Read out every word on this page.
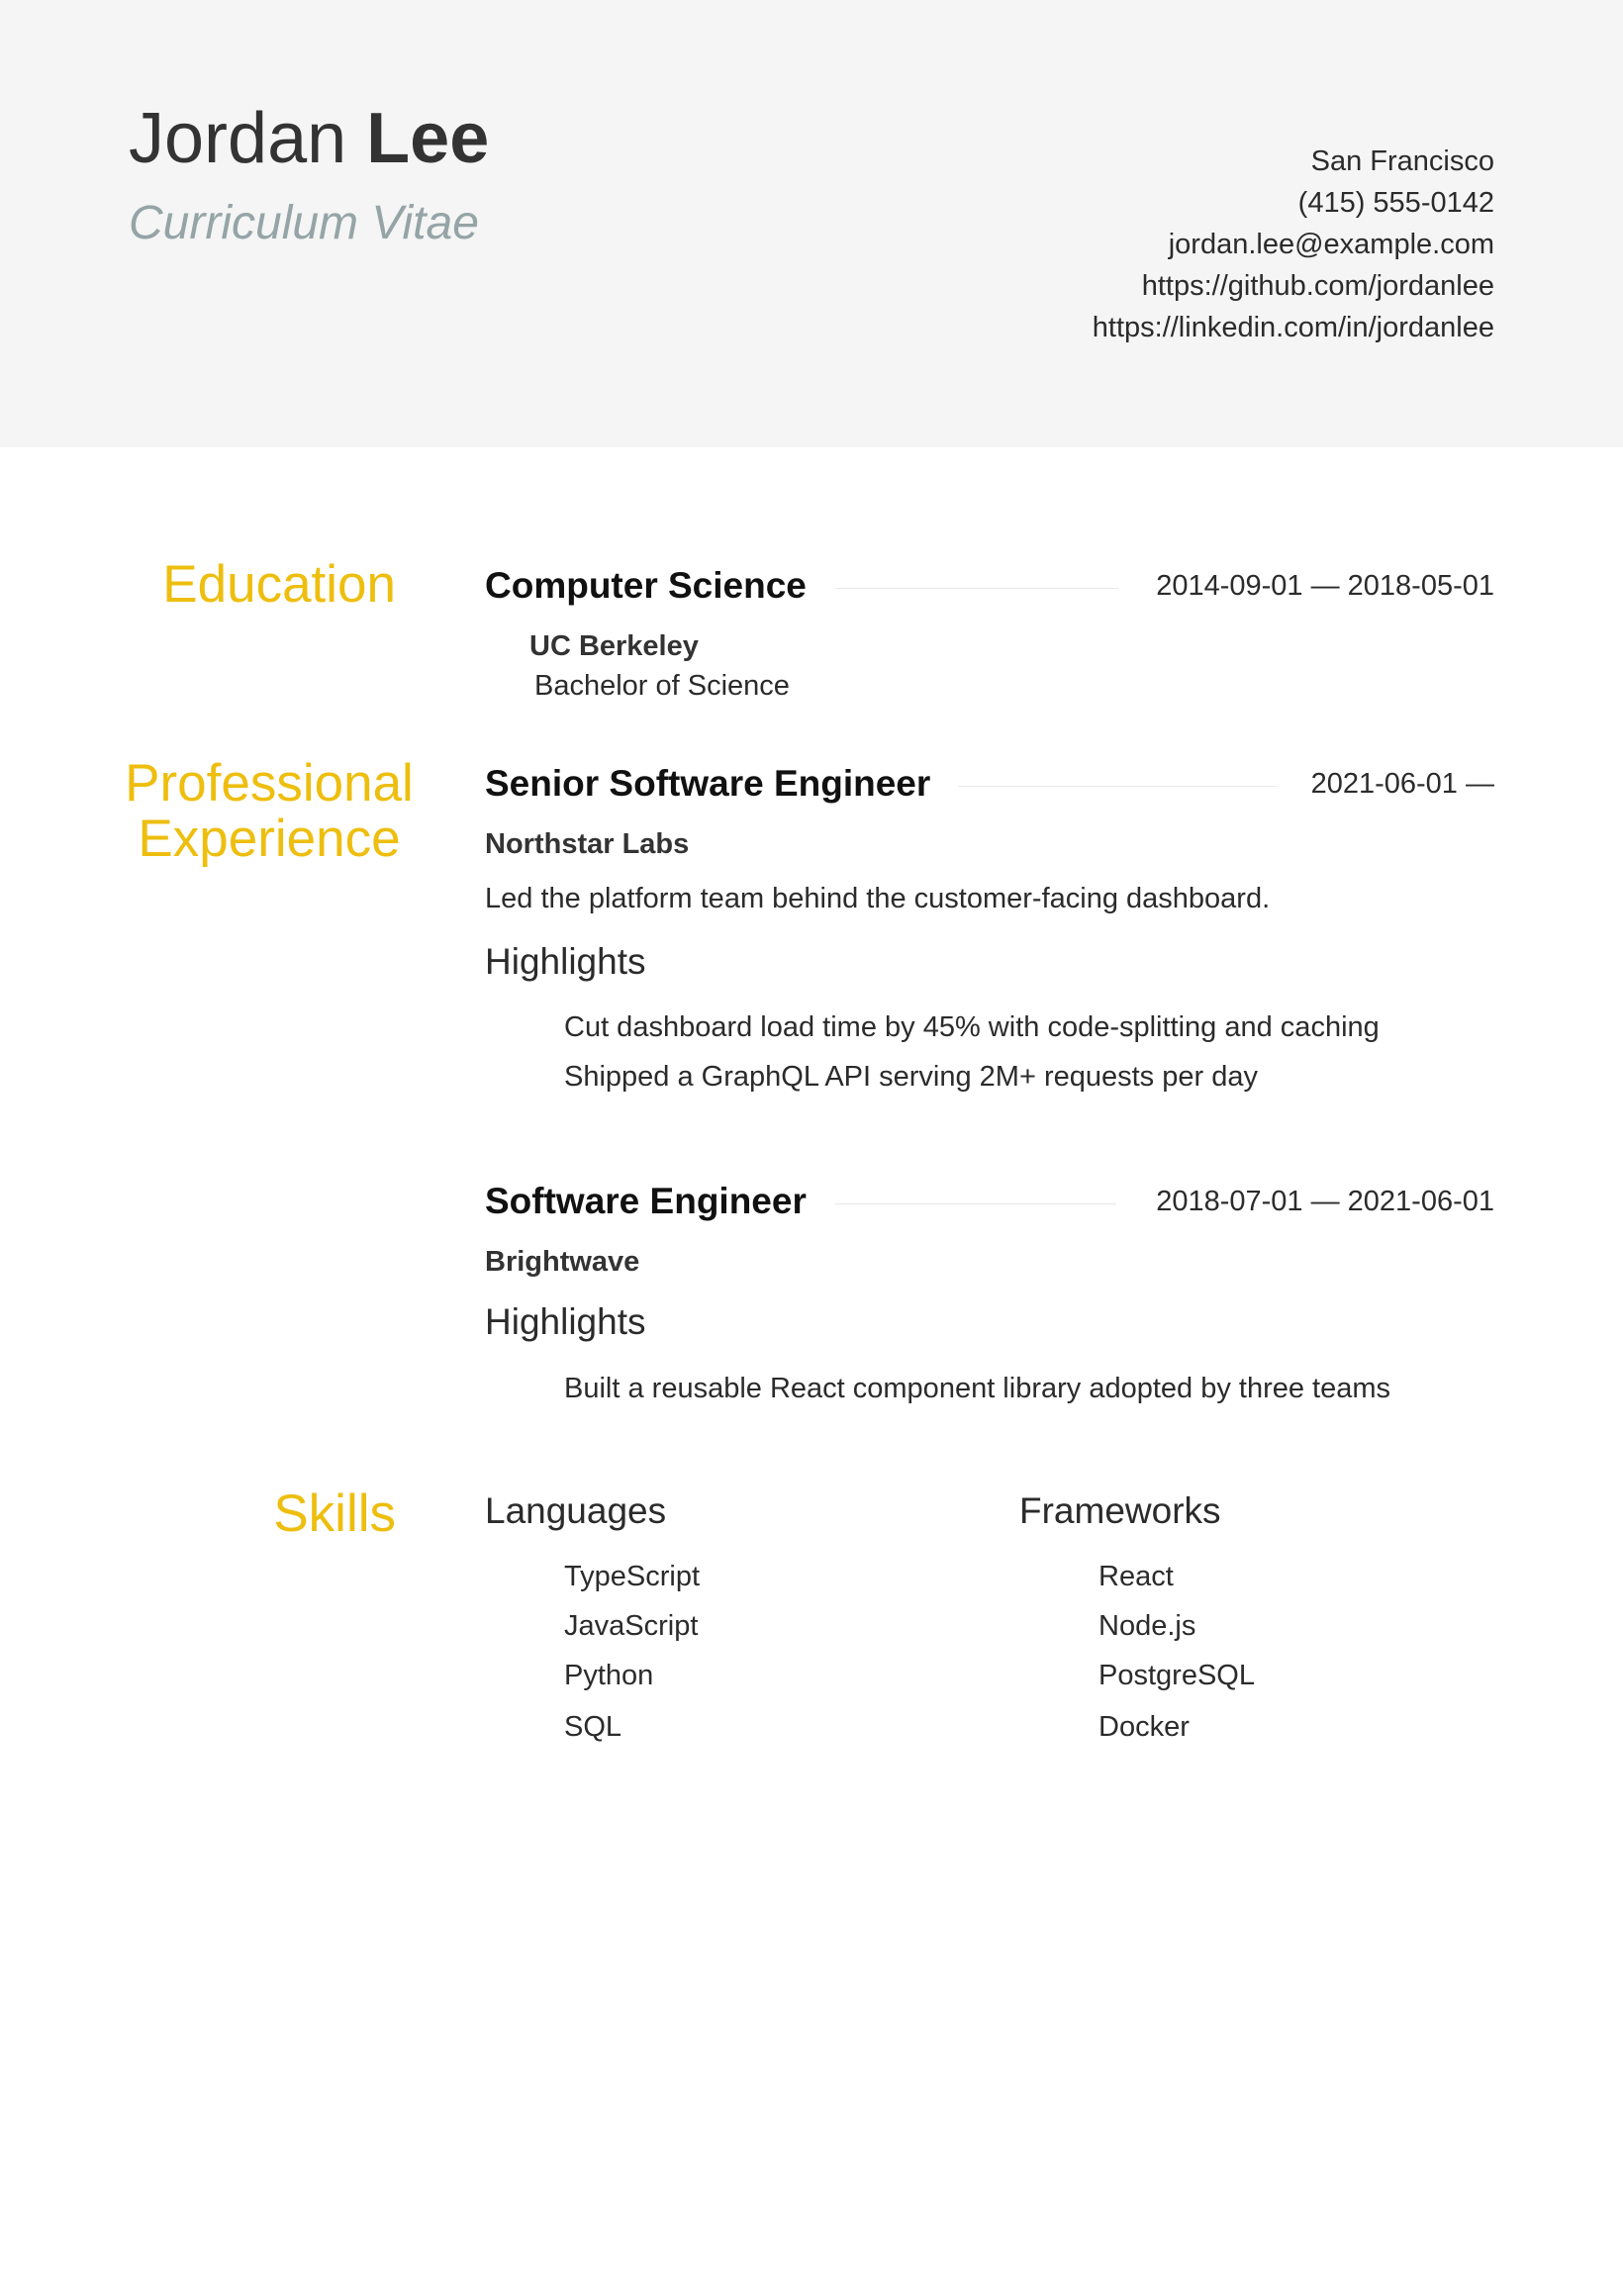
Jordan Lee
Curriculum Vitae
San Francisco
(415) 555-0142
jordan.lee@example.com
https://github.com/jordanlee
https://linkedin.com/in/jordanlee
Education Computer Science	2014-09-01 — 2018-05-01
UC Berkeley
Bachelor of Science
Professional
Experience
Senior Software Engineer	2021-06-01 —
Northstar Labs
Led the platform team behind the customer-facing dashboard.
Highlights
Cut dashboard load time by 45% with code-splitting and caching
Shipped a GraphQL API serving 2M+ requests per day
Software Engineer	2018-07-01 — 2021-06-01
Brightwave
Highlights
Built a reusable React component library adopted by three teams
Skills Languages
TypeScript
JavaScript
Python
SQL
Frameworks
React
Node.js
PostgreSQL
Docker
